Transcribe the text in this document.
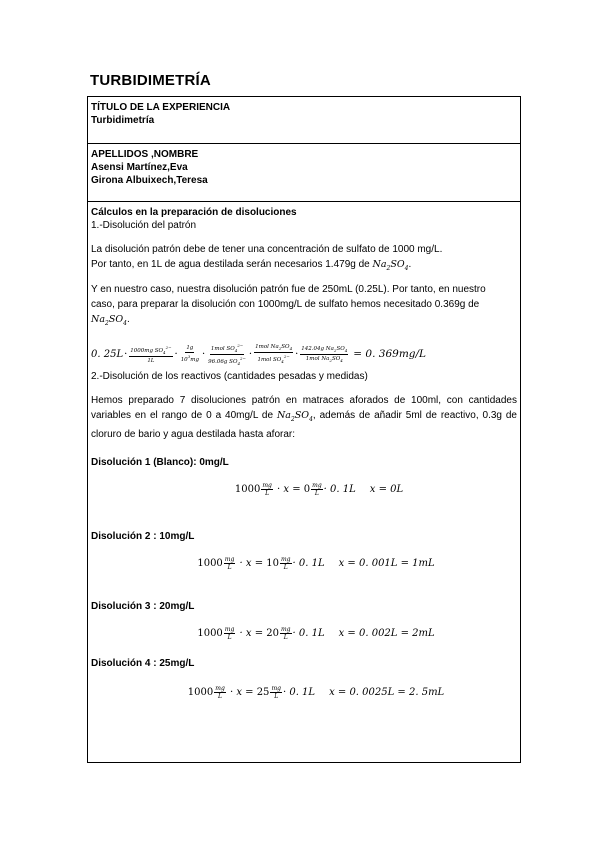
TURBIDIMETRÍA
TÍTULO DE LA EXPERIENCIA
Turbidimetría
APELLIDOS ,NOMBRE
Asensi Martínez,Eva
Girona Albuixech,Teresa
Cálculos en la preparación de disoluciones
1.-Disolución del patrón
La disolución patrón debe de tener una concentración de sulfato de 1000 mg/L.
Por tanto, en 1L de agua destilada serán necesarios 1.479g de $Na_2SO_4$.
Y en nuestro caso, nuestra disolución patrón fue de 250mL (0.25L). Por tanto, en nuestro
caso, para preparar la disolución con 1000mg/L de sulfato hemos necesitado 0.369g de
$Na_2SO_4$.
0. $25L \cdot \frac{1000mg SO_4^{2-}}{1L} \cdot \frac{1g}{10^3mg} \cdot \frac{1mol SO_4^{2-}}{96.06g SO_4^{2-}} \cdot \frac{1mol Na_2SO_4}{1mol SO_4^{2-}} \cdot \frac{142.04g Na_2SO_4}{1mol Na_2SO_4} = 0$. 369mg/L
2.-Disolución de los reactivos (cantidades pesadas y medidas)
Hemos preparado 7 disoluciones patrón en matraces aforados de 100ml, con cantidades variables en el rango de 0 a 40mg/L de $Na_2SO_4$, además de añadir 5ml de reactivo, 0.3g de cloruro de bario y agua destilada hasta aforar:
Disolución 1 (Blanco): 0mg/L
$1000 \frac{mg}{L} \cdot x = 0 \frac{mg}{L} \cdot 0$. 1L x = 0L
Disolución 2 : 10mg/L
$1000 \frac{mg}{L} \cdot x = 10 \frac{mg}{L} \cdot 0$. 1L x = 0. 001L = 1mL
Disolución 3 : 20mg/L
$1000 \frac{mg}{L} \cdot x = 20 \frac{mg}{L} \cdot 0$. 1L x = 0. 002L = 2mL
Disolución 4 : 25mg/L
$1000 \frac{mg}{L} \cdot x = 25 \frac{mg}{L} \cdot 0$. 1L x = 0. 0025L = 2. 5mL
